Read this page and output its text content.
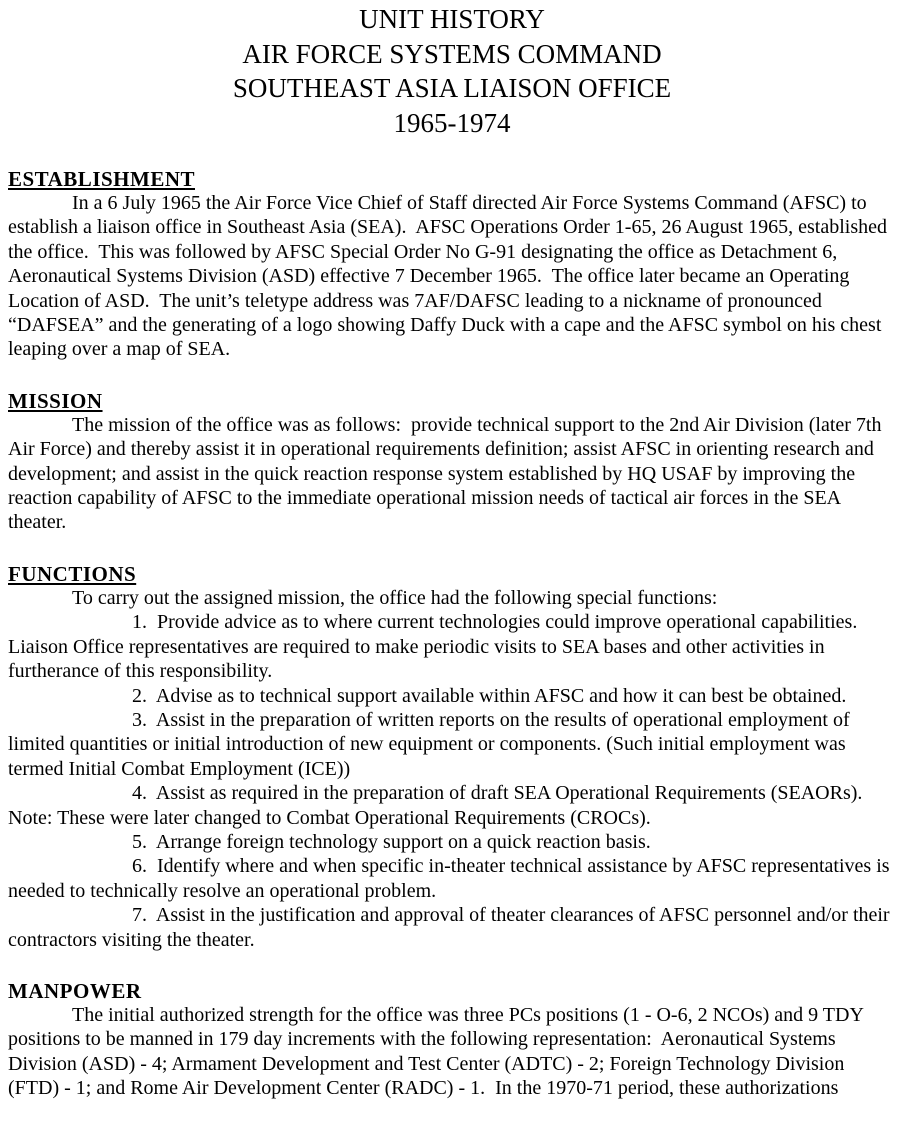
UNIT HISTORY
AIR FORCE SYSTEMS COMMAND
SOUTHEAST ASIA LIAISON OFFICE
1965-1974
ESTABLISHMENT

In a 6 July 1965 the Air Force Vice Chief of Staff directed Air Force Systems Command (AFSC) to establish a liaison office in Southeast Asia (SEA).  AFSC Operations Order 1-65, 26 August 1965, established the office.  This was followed by AFSC Special Order No G-91 designating the office as Detachment 6, Aeronautical Systems Division (ASD) effective 7 December 1965.  The office later became an Operating Location of ASD.  The unit’s teletype address was 7AF/DAFSC leading to a nickname of pronounced “DAFSEA” and the generating of a logo showing Daffy Duck with a cape and the AFSC symbol on his chest leaping over a map of SEA.

MISSION

The mission of the office was as follows:  provide technical support to the 2nd Air Division (later 7th Air Force) and thereby assist it in operational requirements definition; assist AFSC in orienting research and development; and assist in the quick reaction response system established by HQ USAF by improving the reaction capability of AFSC to the immediate operational mission needs of tactical air forces in the SEA theater.

FUNCTIONS

To carry out the assigned mission, the office had the following special functions:

1.  Provide advice as to where current technologies could improve operational capabilities. Liaison Office representatives are required to make periodic visits to SEA bases and other activities in furtherance of this responsibility.

2.  Advise as to technical support available within AFSC and how it can best be obtained.

3.  Assist in the preparation of written reports on the results of operational employment of limited quantities or initial introduction of new equipment or components. (Such initial employment was termed Initial Combat Employment (ICE))

4.  Assist as required in the preparation of draft SEA Operational Requirements (SEAORs). Note: These were later changed to Combat Operational Requirements (CROCs).

5.  Arrange foreign technology support on a quick reaction basis.

6.  Identify where and when specific in-theater technical assistance by AFSC representatives is needed to technically resolve an operational problem.

7.  Assist in the justification and approval of theater clearances of AFSC personnel and/or their contractors visiting the theater.

MANPOWER

The initial authorized strength for the office was three PCs positions (1 - O-6, 2 NCOs) and 9 TDY positions to be manned in 179 day increments with the following representation:  Aeronautical Systems Division (ASD) - 4; Armament Development and Test Center (ADTC) - 2; Foreign Technology Division (FTD) - 1; and Rome Air Development Center (RADC) - 1.  In the 1970-71 period, these authorizations
